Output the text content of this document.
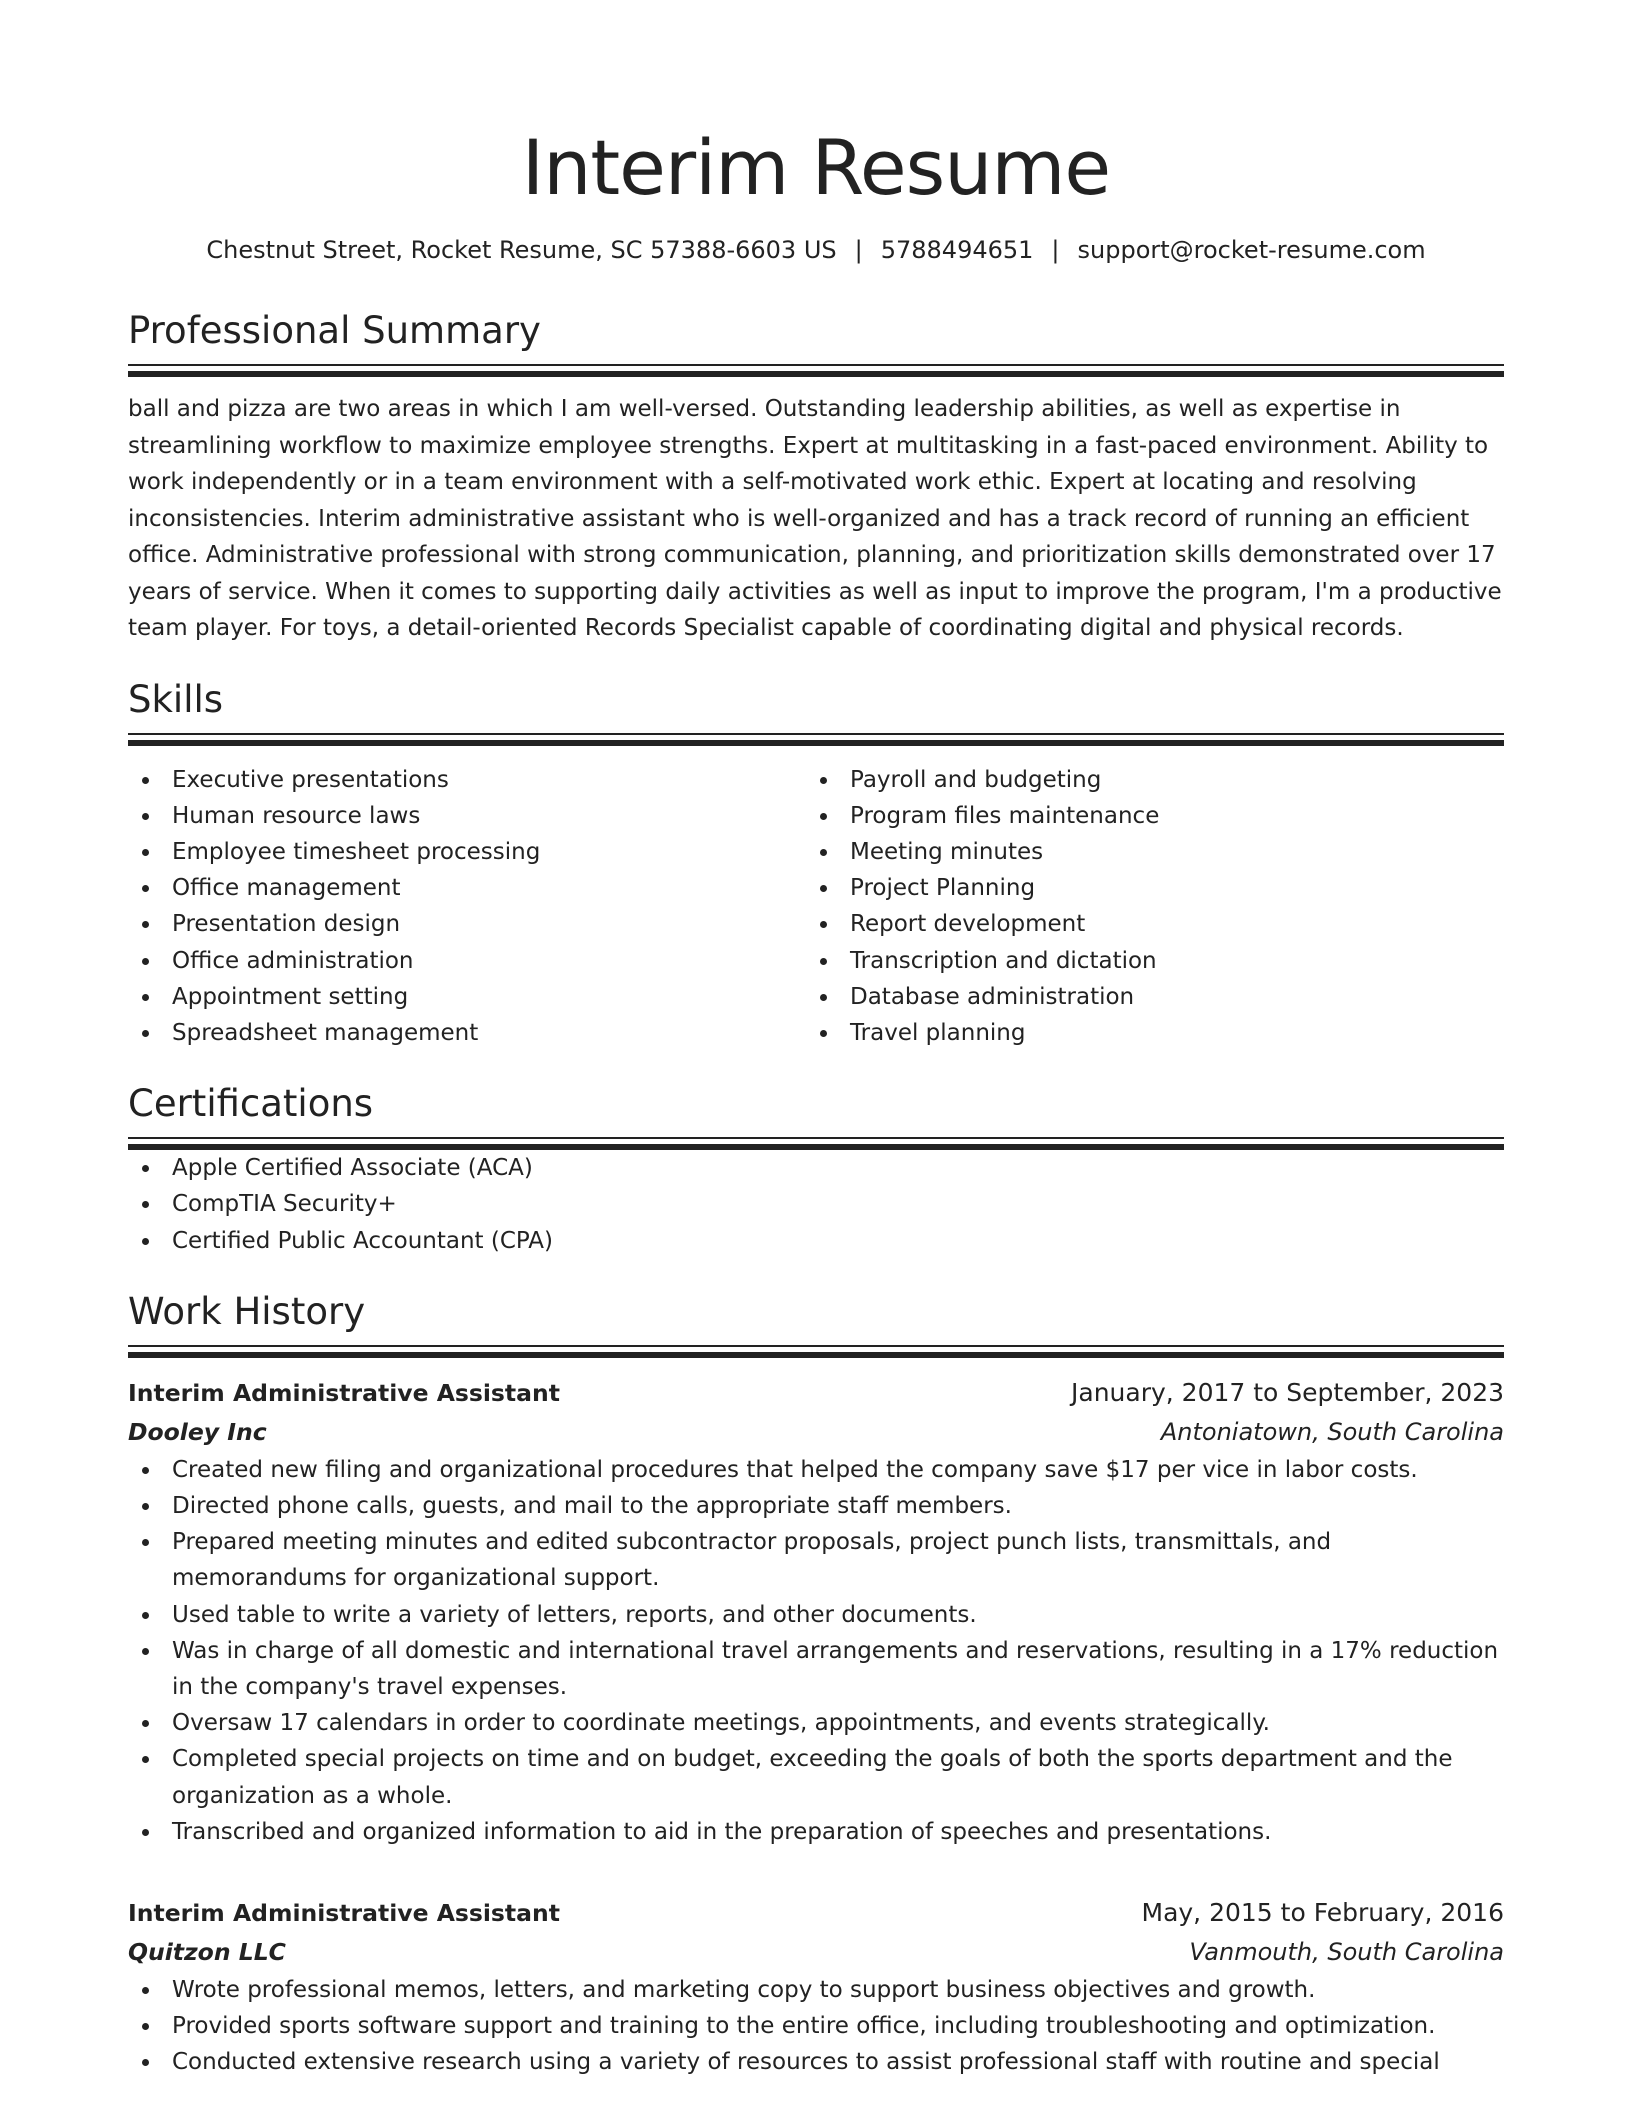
Interim Resume
Chestnut Street, Rocket Resume, SC 57388-6603 US | 5788494651 | support@rocket-resume.com
Professional Summary

ball and pizza are two areas in which I am well-versed. Outstanding leadership abilities, as well as expertise in streamlining workflow to maximize employee strengths. Expert at multitasking in a fast-paced environment. Ability to work independently or in a team environment with a self-motivated work ethic. Expert at locating and resolving inconsistencies. Interim administrative assistant who is well-organized and has a track record of running an efficient office. Administrative professional with strong communication, planning, and prioritization skills demonstrated over 17 years of service. When it comes to supporting daily activities as well as input to improve the program, I'm a productive team player. For toys, a detail-oriented Records Specialist capable of coordinating digital and physical records.

Skills
Executive presentations
Human resource laws
Employee timesheet processing
Office management
Presentation design
Office administration
Appointment setting
Spreadsheet management
Payroll and budgeting
Program files maintenance
Meeting minutes
Project Planning
Report development
Transcription and dictation
Database administration
Travel planning
Certifications
Apple Certified Associate (ACA)
CompTIA Security+
Certified Public Accountant (CPA)
Work History
Interim Administrative Assistant	January, 2017 to September, 2023
Dooley Inc	Antoniatown, South Carolina
Created new filing and organizational procedures that helped the company save $17 per vice in labor costs.
Directed phone calls, guests, and mail to the appropriate staff members.
Prepared meeting minutes and edited subcontractor proposals, project punch lists, transmittals, and memorandums for organizational support.
Used table to write a variety of letters, reports, and other documents.
Was in charge of all domestic and international travel arrangements and reservations, resulting in a 17% reduction in the company's travel expenses.
Oversaw 17 calendars in order to coordinate meetings, appointments, and events strategically.
Completed special projects on time and on budget, exceeding the goals of both the sports department and the organization as a whole.
Transcribed and organized information to aid in the preparation of speeches and presentations.
Interim Administrative Assistant	May, 2015 to February, 2016
Quitzon LLC	Vanmouth, South Carolina
Wrote professional memos, letters, and marketing copy to support business objectives and growth.
Provided sports software support and training to the entire office, including troubleshooting and optimization.
Conducted extensive research using a variety of resources to assist professional staff with routine and special
